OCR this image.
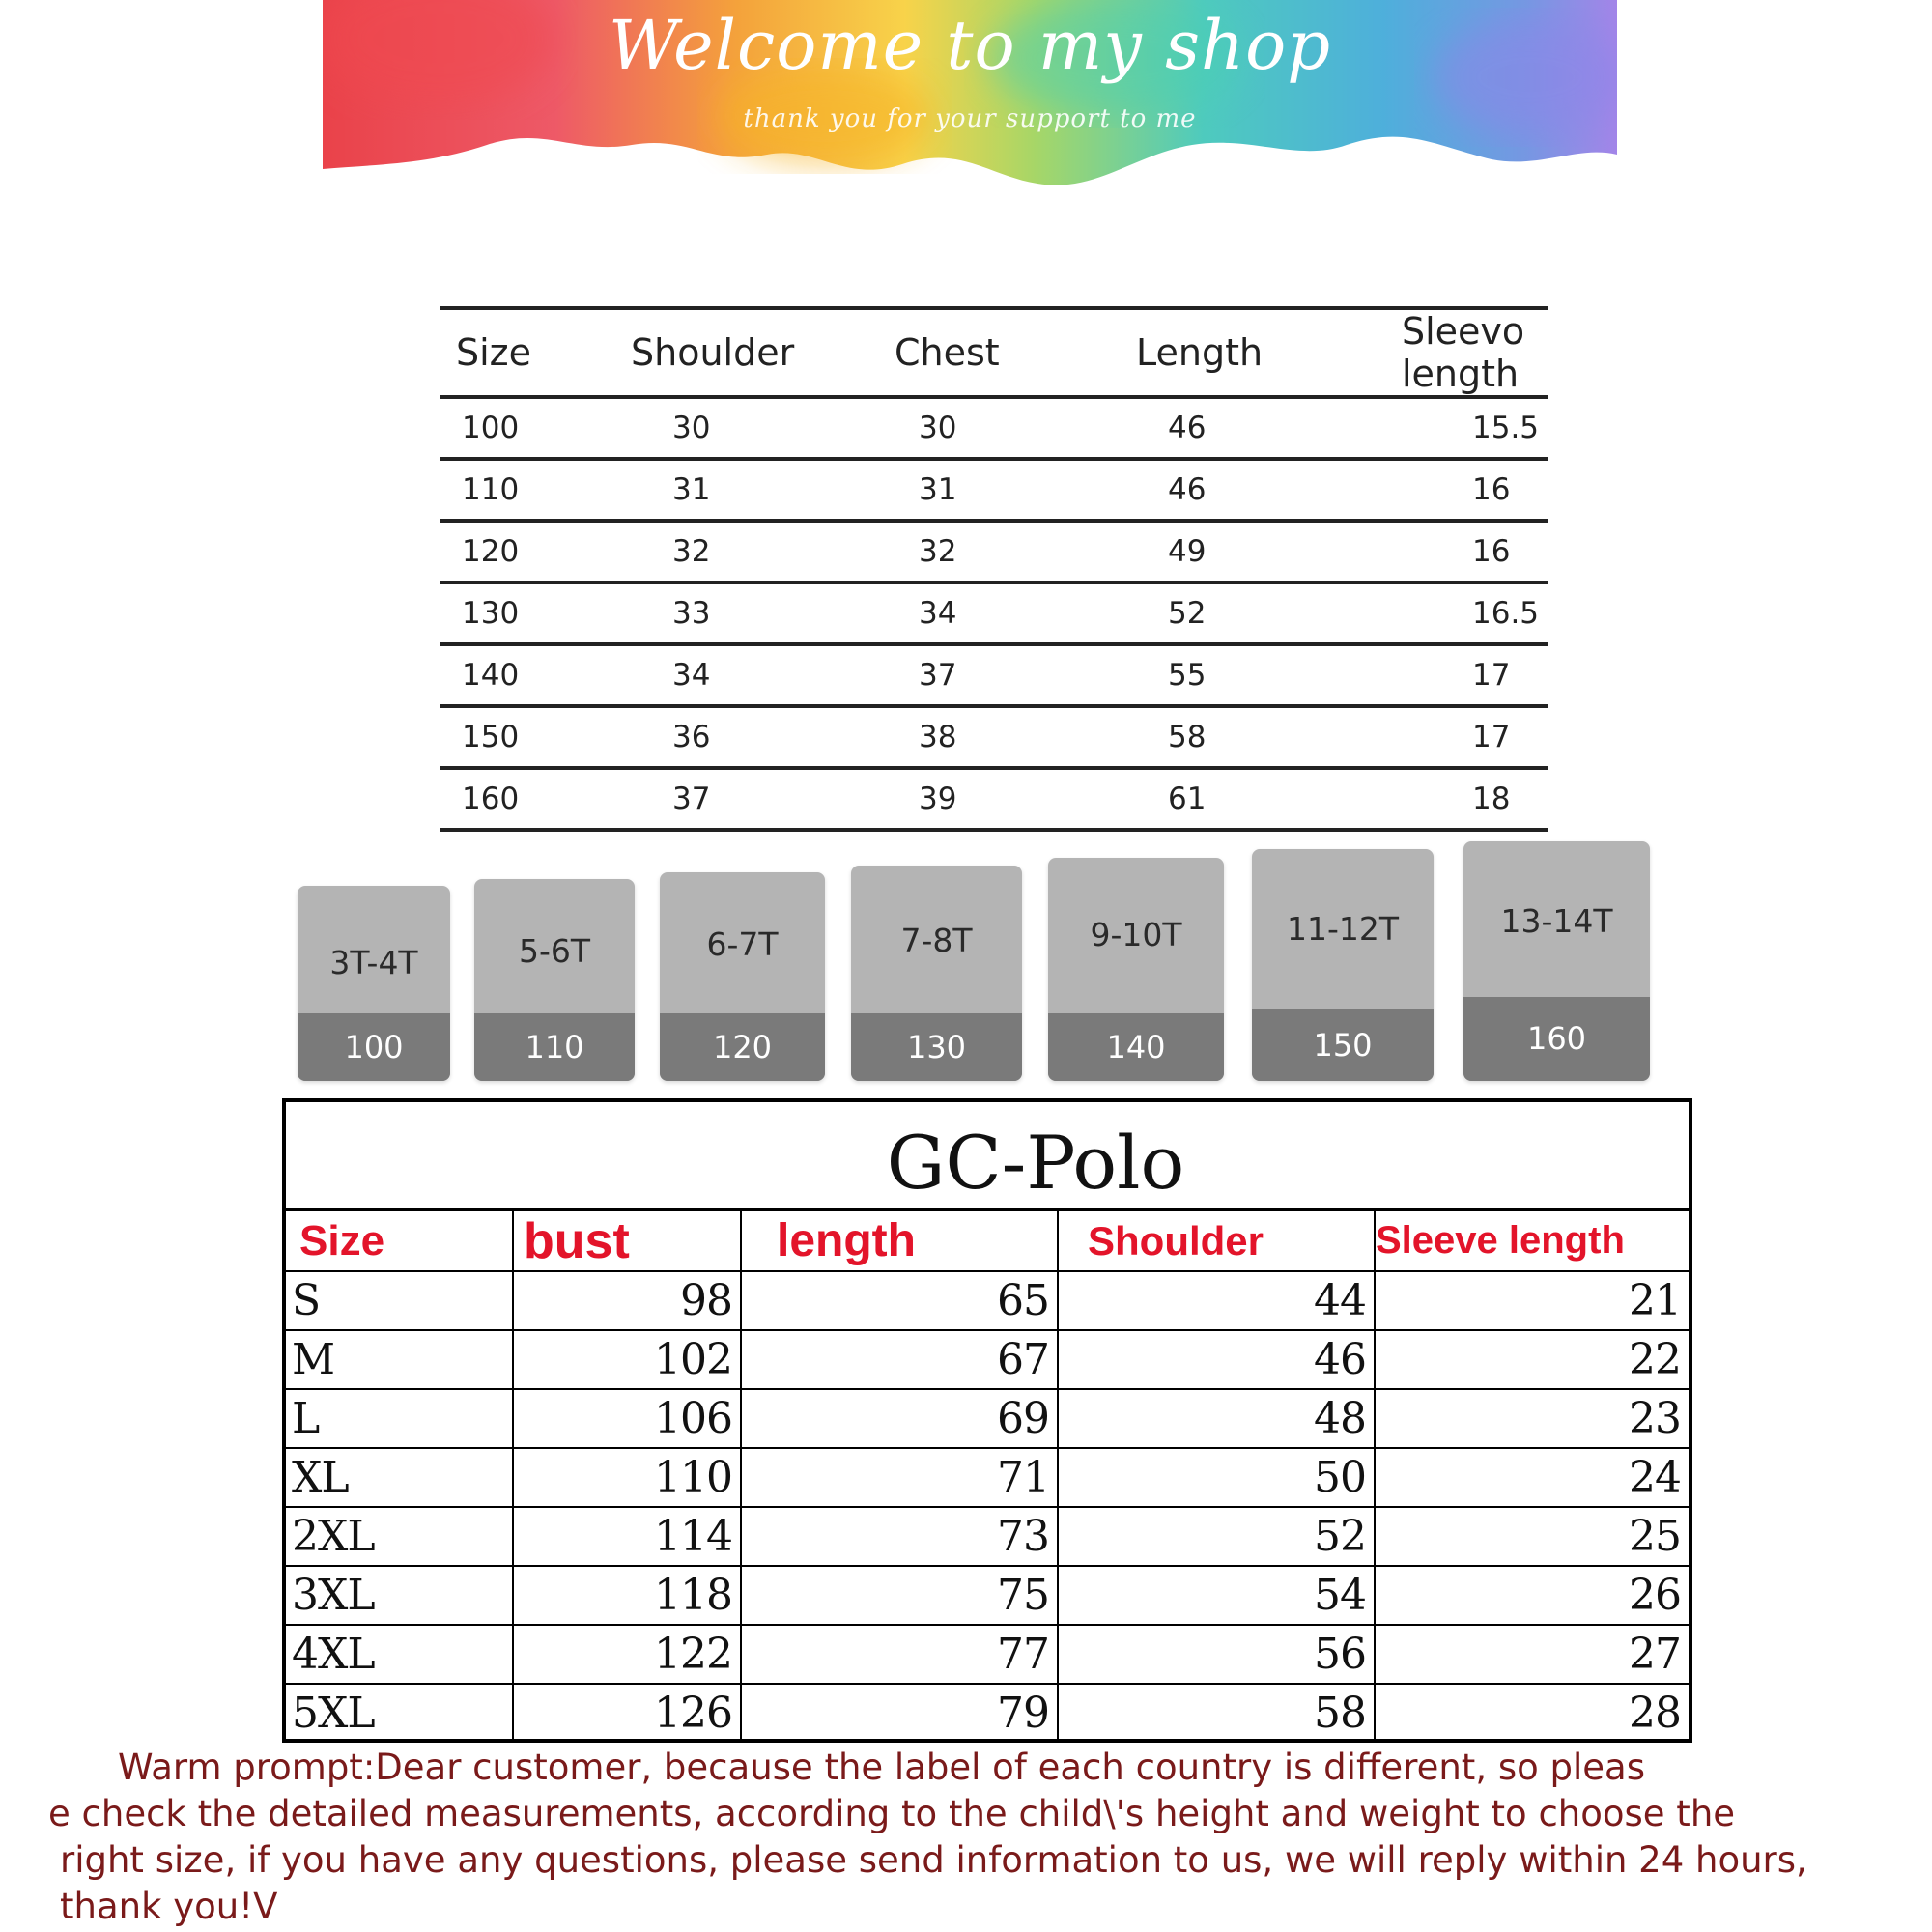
Welcome to my shop
thank you for your support to me
Size	Shoulder	Chest	Length	Sleevo length
100	30	30	46	15.5
110	31	31	46	16
120	32	32	49	16
130	33	34	52	16.5
140	34	37	55	17
150	36	38	58	17
160	37	39	61	18
3T-4T
100
5-6T
110
6-7T
120
7-8T
130
9-10T
140
11-12T
150
13-14T
160
GC-Polo
Size	bust	length	Shoulder	Sleeve length
S	98	65	44	21
M	102	67	46	22
L	106	69	48	23
XL	110	71	50	24
2XL	114	73	52	25
3XL	118	75	54	26
4XL	122	77	56	27
5XL	126	79	58	28
Warm prompt:Dear customer, because the label of each country is different, so pleas
e check the detailed measurements, according to the child\'s height and weight to choose the
right size, if you have any questions, please send information to us, we will reply within 24 hours,
thank you!V
